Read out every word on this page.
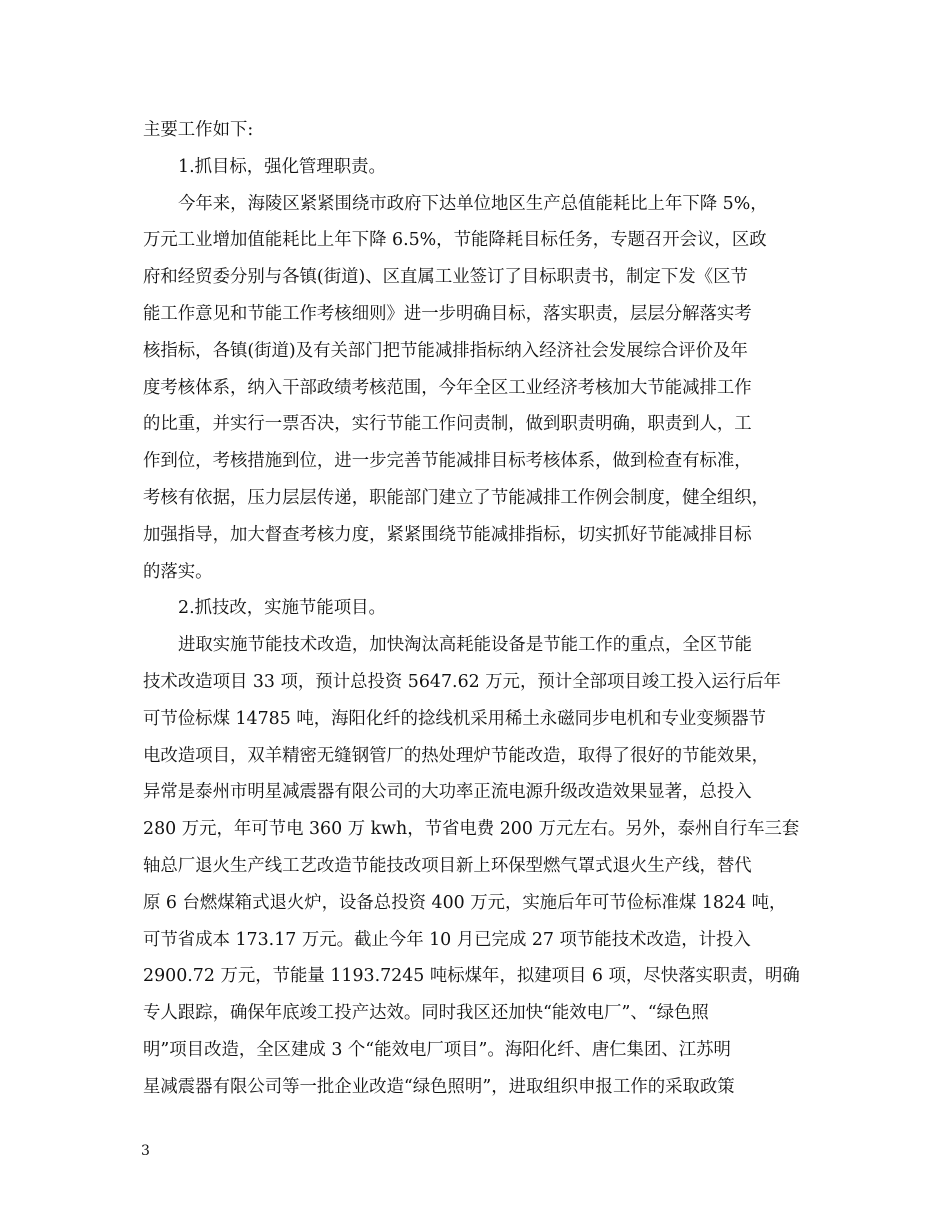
主要工作如下:
1.抓目标，强化管理职责。
今年来，海陵区紧紧围绕市政府下达单位地区生产总值能耗比上年下降 5%，
万元工业增加值能耗比上年下降 6.5%，节能降耗目标任务，专题召开会议，区政
府和经贸委分别与各镇(街道)、区直属工业签订了目标职责书，制定下发《区节
能工作意见和节能工作考核细则》进一步明确目标，落实职责，层层分解落实考
核指标，各镇(街道)及有关部门把节能减排指标纳入经济社会发展综合评价及年
度考核体系，纳入干部政绩考核范围，今年全区工业经济考核加大节能减排工作
的比重，并实行一票否决，实行节能工作问责制，做到职责明确，职责到人，工
作到位，考核措施到位，进一步完善节能减排目标考核体系，做到检查有标准，
考核有依据，压力层层传递，职能部门建立了节能减排工作例会制度，健全组织，
加强指导，加大督查考核力度，紧紧围绕节能减排指标，切实抓好节能减排目标
的落实。
2.抓技改，实施节能项目。
进取实施节能技术改造，加快淘汰高耗能设备是节能工作的重点，全区节能
技术改造项目 33 项，预计总投资 5647.62 万元，预计全部项目竣工投入运行后年
可节俭标煤 14785 吨，海阳化纤的捻线机采用稀土永磁同步电机和专业变频器节
电改造项目，双羊精密无缝钢管厂的热处理炉节能改造，取得了很好的节能效果，
异常是泰州市明星减震器有限公司的大功率正流电源升级改造效果显著，总投入
280 万元，年可节电 360 万 kwh，节省电费 200 万元左右。另外，泰州自行车三套
轴总厂退火生产线工艺改造节能技改项目新上环保型燃气罩式退火生产线，替代
原 6 台燃煤箱式退火炉，设备总投资 400 万元，实施后年可节俭标准煤 1824 吨，
可节省成本 173.17 万元。截止今年 10 月已完成 27 项节能技术改造，计投入
2900.72 万元，节能量 1193.7245 吨标煤年，拟建项目 6 项，尽快落实职责，明确
专人跟踪，确保年底竣工投产达效。同时我区还加快“能效电厂”、“绿色照
明”项目改造，全区建成 3 个“能效电厂项目”。海阳化纤、唐仁集团、江苏明
星减震器有限公司等一批企业改造“绿色照明”，进取组织申报工作的采取政策
3
